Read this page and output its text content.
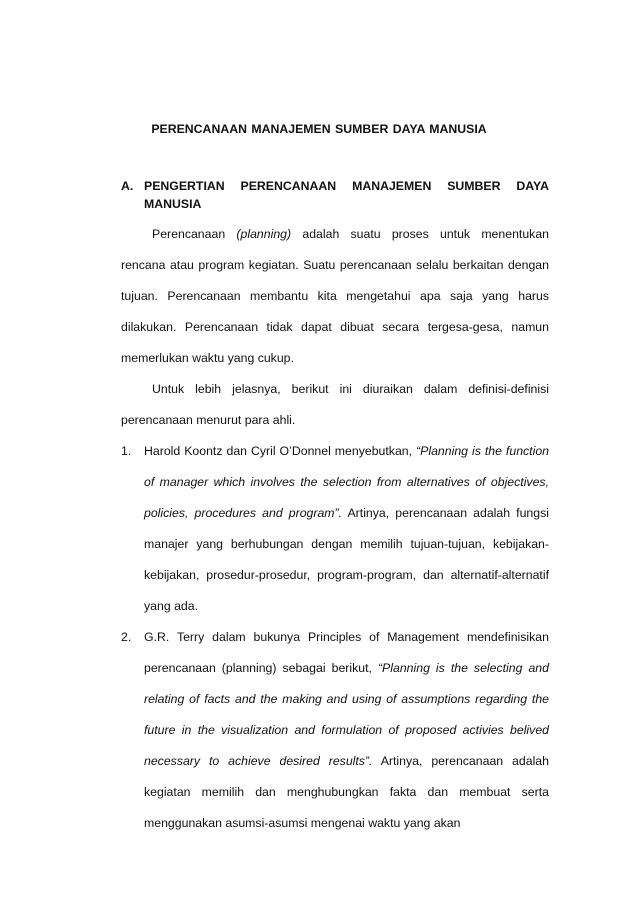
PERENCANAAN MANAJEMEN SUMBER DAYA MANUSIA
A. PENGERTIAN PERENCANAAN MANAJEMEN SUMBER DAYA MANUSIA

Perencanaan (planning) adalah suatu proses untuk menentukan rencana atau program kegiatan. Suatu perencanaan selalu berkaitan dengan tujuan. Perencanaan membantu kita mengetahui apa saja yang harus dilakukan. Perencanaan tidak dapat dibuat secara tergesa-gesa, namun memerlukan waktu yang cukup.

Untuk lebih jelasnya, berikut ini diuraikan dalam definisi-definisi perencanaan menurut para ahli.

1. Harold Koontz dan Cyril O’Donnel menyebutkan, “Planning is the function of manager which involves the selection from alternatives of objectives, policies, procedures and program”. Artinya, perencanaan adalah fungsi manajer yang berhubungan dengan memilih tujuan-tujuan, kebijakan-kebijakan, prosedur-prosedur, program-program, dan alternatif-alternatif yang ada.

2. G.R. Terry dalam bukunya Principles of Management mendefinisikan perencanaan (planning) sebagai berikut, “Planning is the selecting and relating of facts and the making and using of assumptions regarding the future in the visualization and formulation of proposed activies belived necessary to achieve desired results”. Artinya, perencanaan adalah kegiatan memilih dan menghubungkan fakta dan membuat serta menggunakan asumsi-asumsi mengenai waktu yang akan
